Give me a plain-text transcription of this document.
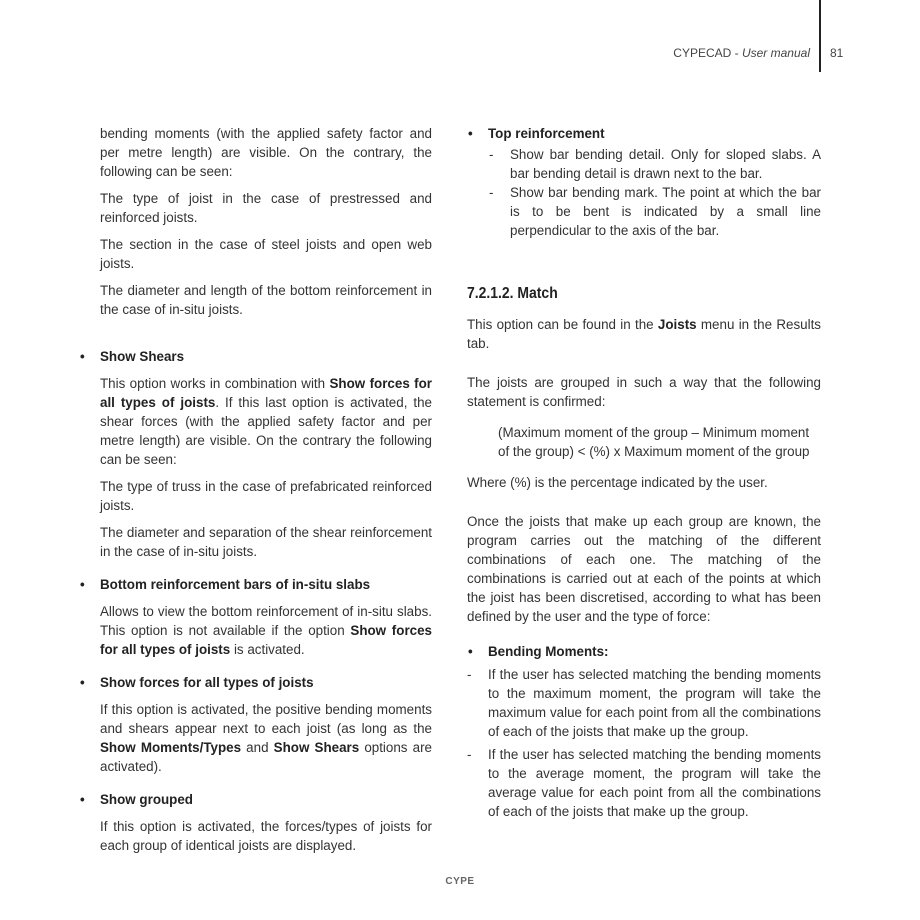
CYPECAD - User manual 81

bending moments (with the applied safety factor and per metre length) are visible. On the contrary, the following can be seen:

The type of joist in the case of prestressed and reinforced joists.

The section in the case of steel joists and open web joists.

The diameter and length of the bottom reinforcement in the case of in-situ joists.

• Show Shears

This option works in combination with Show forces for all types of joists. If this last option is activated, the shear forces (with the applied safety factor and per metre length) are visible. On the contrary the following can be seen:

The type of truss in the case of prefabricated reinforced joists.

The diameter and separation of the shear reinforcement in the case of in-situ joists.

• Bottom reinforcement bars of in-situ slabs

Allows to view the bottom reinforcement of in-situ slabs. This option is not available if the option Show forces for all types of joists is activated.

• Show forces for all types of joists

If this option is activated, the positive bending moments and shears appear next to each joist (as long as the Show Moments/Types and Show Shears options are activated).

• Show grouped

If this option is activated, the forces/types of joists for each group of identical joists are displayed.

• Top reinforcement
- Show bar bending detail. Only for sloped slabs. A bar bending detail is drawn next to the bar.
- Show bar bending mark. The point at which the bar is to be bent is indicated by a small line perpendicular to the axis of the bar.
7.2.1.2. Match

This option can be found in the Joists menu in the Results tab.

The joists are grouped in such a way that the following statement is confirmed:

(Maximum moment of the group – Minimum moment of the group) < (%) x Maximum moment of the group

Where (%) is the percentage indicated by the user.

Once the joists that make up each group are known, the program carries out the matching of the different combinations of each one. The matching of the combinations is carried out at each of the points at which the joist has been discretised, according to what has been defined by the user and the type of force:

• Bending Moments:
- If the user has selected matching the bending moments to the maximum moment, the program will take the maximum value for each point from all the combinations of each of the joists that make up the group.
- If the user has selected matching the bending moments to the average moment, the program will take the average value for each point from all the combinations of each of the joists that make up the group.
CYPE
